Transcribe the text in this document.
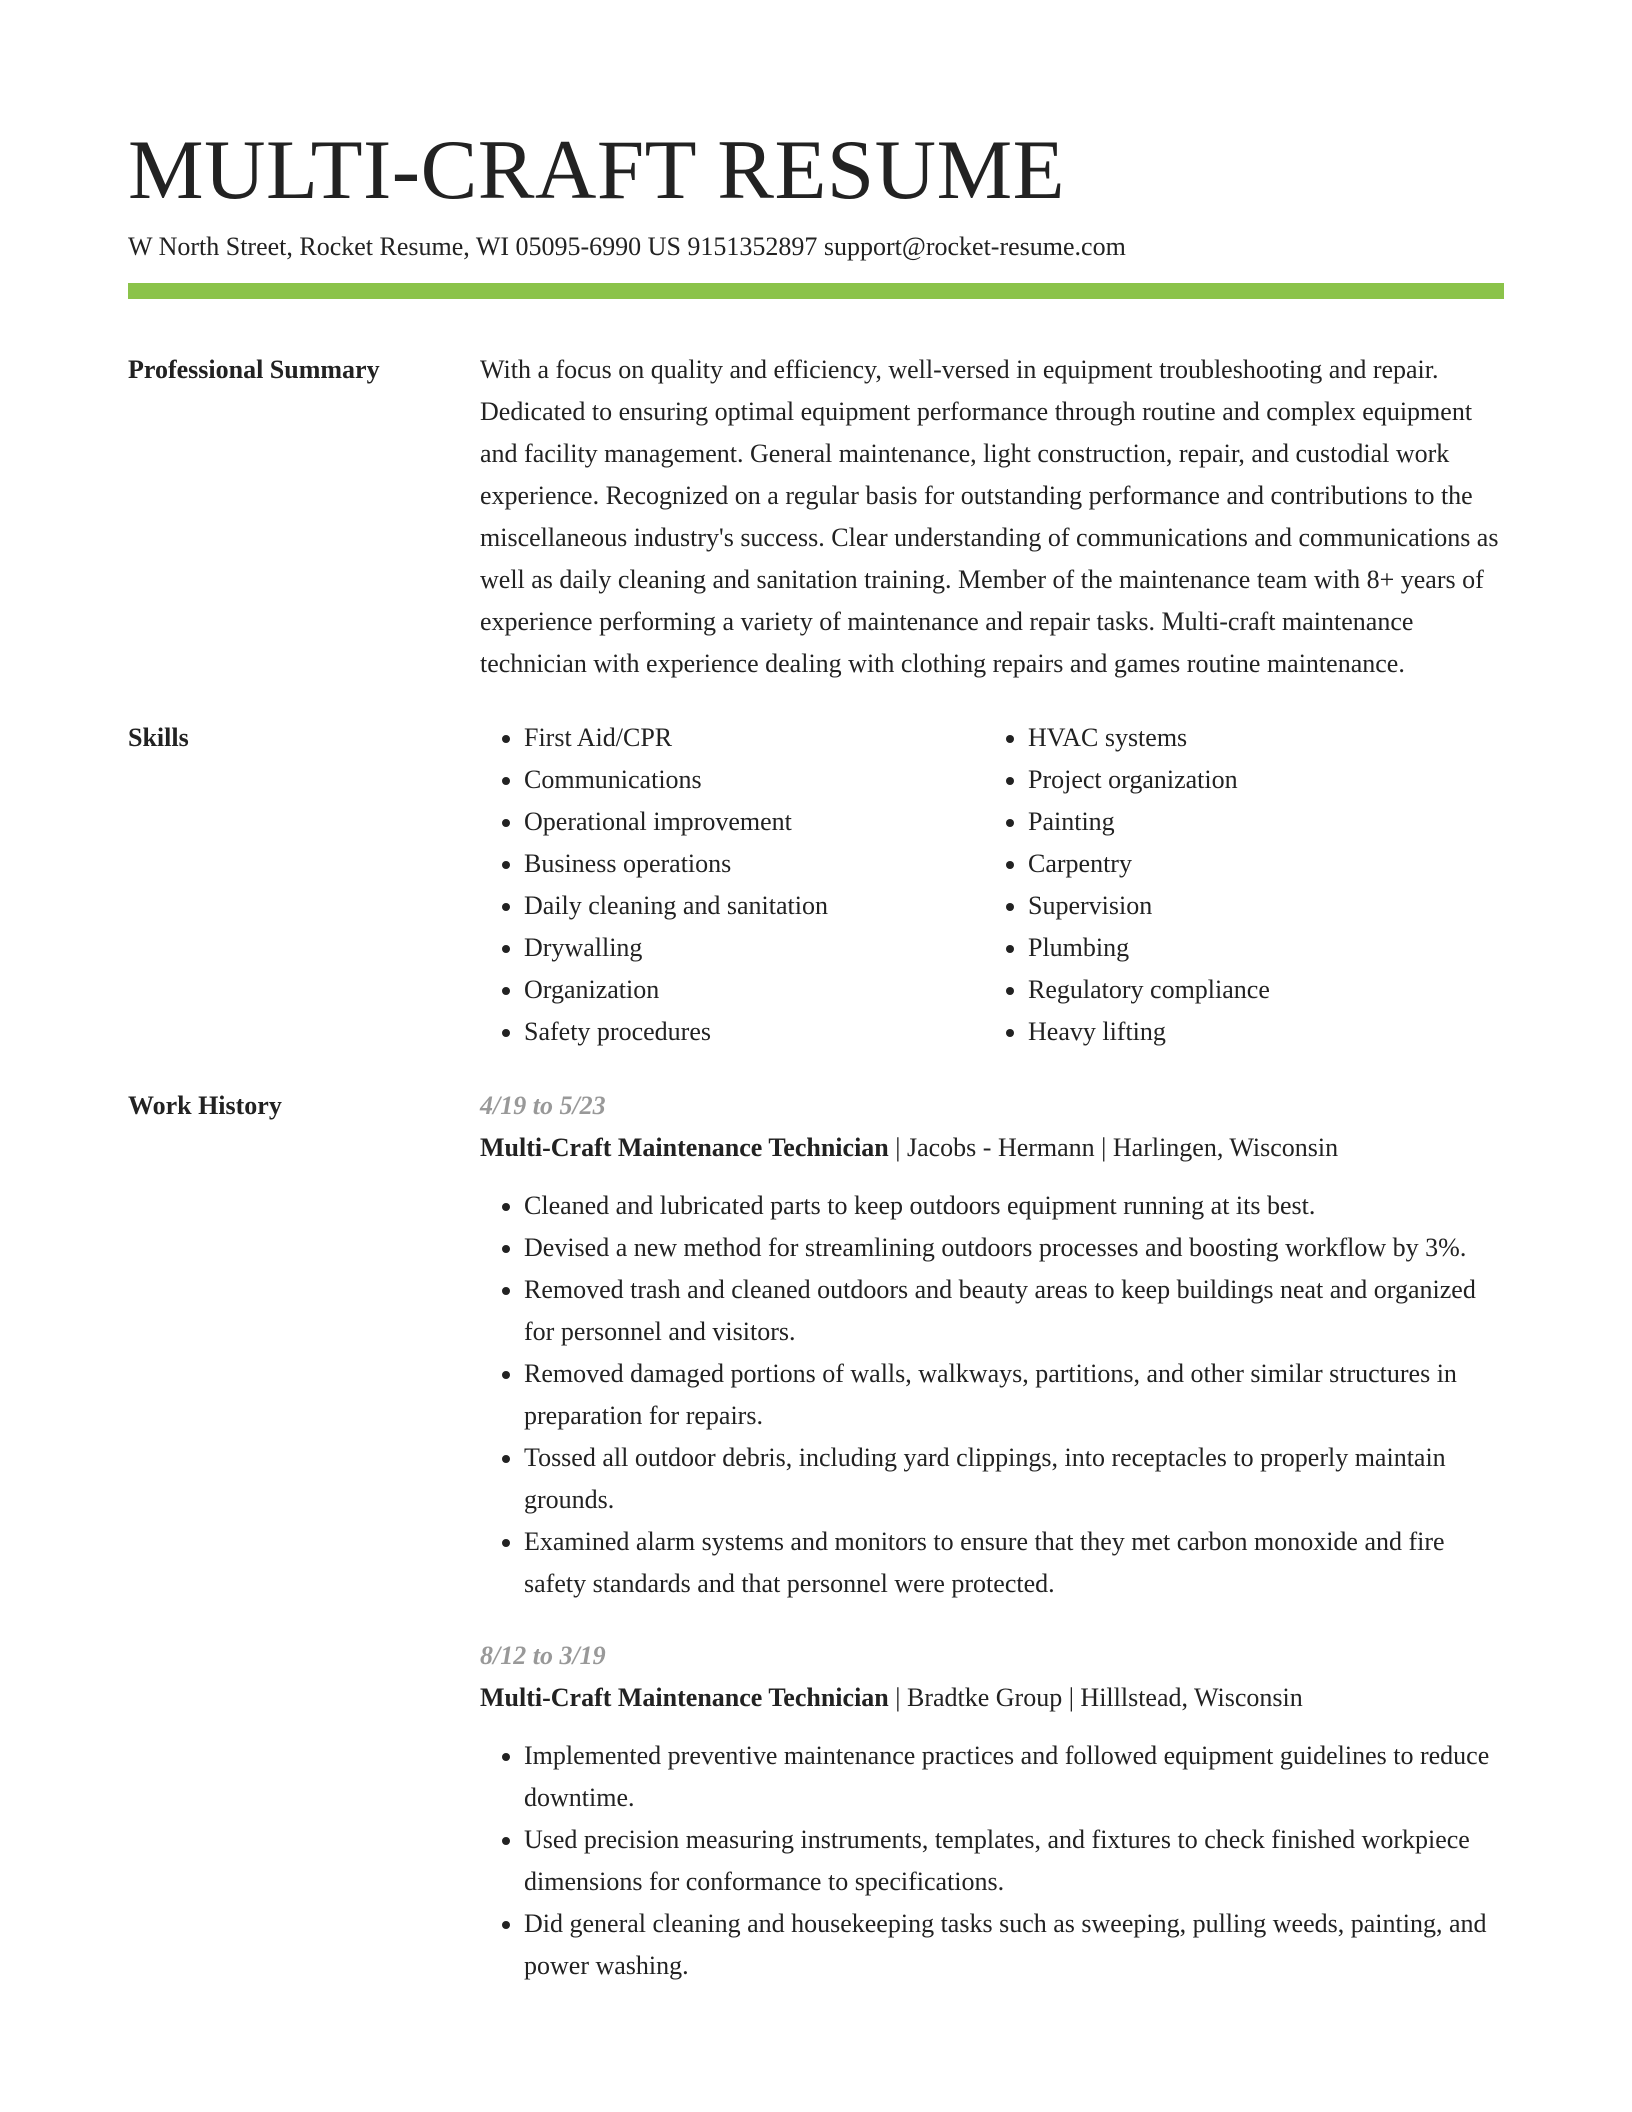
MULTI-CRAFT RESUME
W North Street, Rocket Resume, WI 05095-6990 US 9151352897 support@rocket-resume.com
Professional Summary	With a focus on quality and efficiency, well-versed in equipment troubleshooting and repair. Dedicated to ensuring optimal equipment performance through routine and complex equipment and facility management. General maintenance, light construction, repair, and custodial work experience. Recognized on a regular basis for outstanding performance and contributions to the miscellaneous industry's success. Clear understanding of communications and communications as well as daily cleaning and sanitation training. Member of the maintenance team with 8+ years of experience performing a variety of maintenance and repair tasks. Multi-craft maintenance technician with experience dealing with clothing repairs and games routine maintenance.
Skills
•	First Aid/CPR
• Communications
• Operational improvement
• Business operations
• Daily cleaning and sanitation
• Drywalling
• Organization
• Safety procedures
• HVAC systems
• Project organization
• Painting
• Carpentry
• Supervision
• Plumbing
• Regulatory compliance
• Heavy lifting
Work History	4/19 to 5/23
Multi-Craft Maintenance Technician | Jacobs - Hermann | Harlingen, Wisconsin
• Cleaned and lubricated parts to keep outdoors equipment running at its best.
• Devised a new method for streamlining outdoors processes and boosting workflow by 3%.
• Removed trash and cleaned outdoors and beauty areas to keep buildings neat and organized for personnel and visitors.
• Removed damaged portions of walls, walkways, partitions, and other similar structures in preparation for repairs.
• Tossed all outdoor debris, including yard clippings, into receptacles to properly maintain grounds.
• Examined alarm systems and monitors to ensure that they met carbon monoxide and fire safety standards and that personnel were protected.
8/12 to 3/19
Multi-Craft Maintenance Technician | Bradtke Group | Hilllstead, Wisconsin
• Implemented preventive maintenance practices and followed equipment guidelines to reduce downtime.
• Used precision measuring instruments, templates, and fixtures to check finished workpiece dimensions for conformance to specifications.
• Did general cleaning and housekeeping tasks such as sweeping, pulling weeds, painting, and power washing.
